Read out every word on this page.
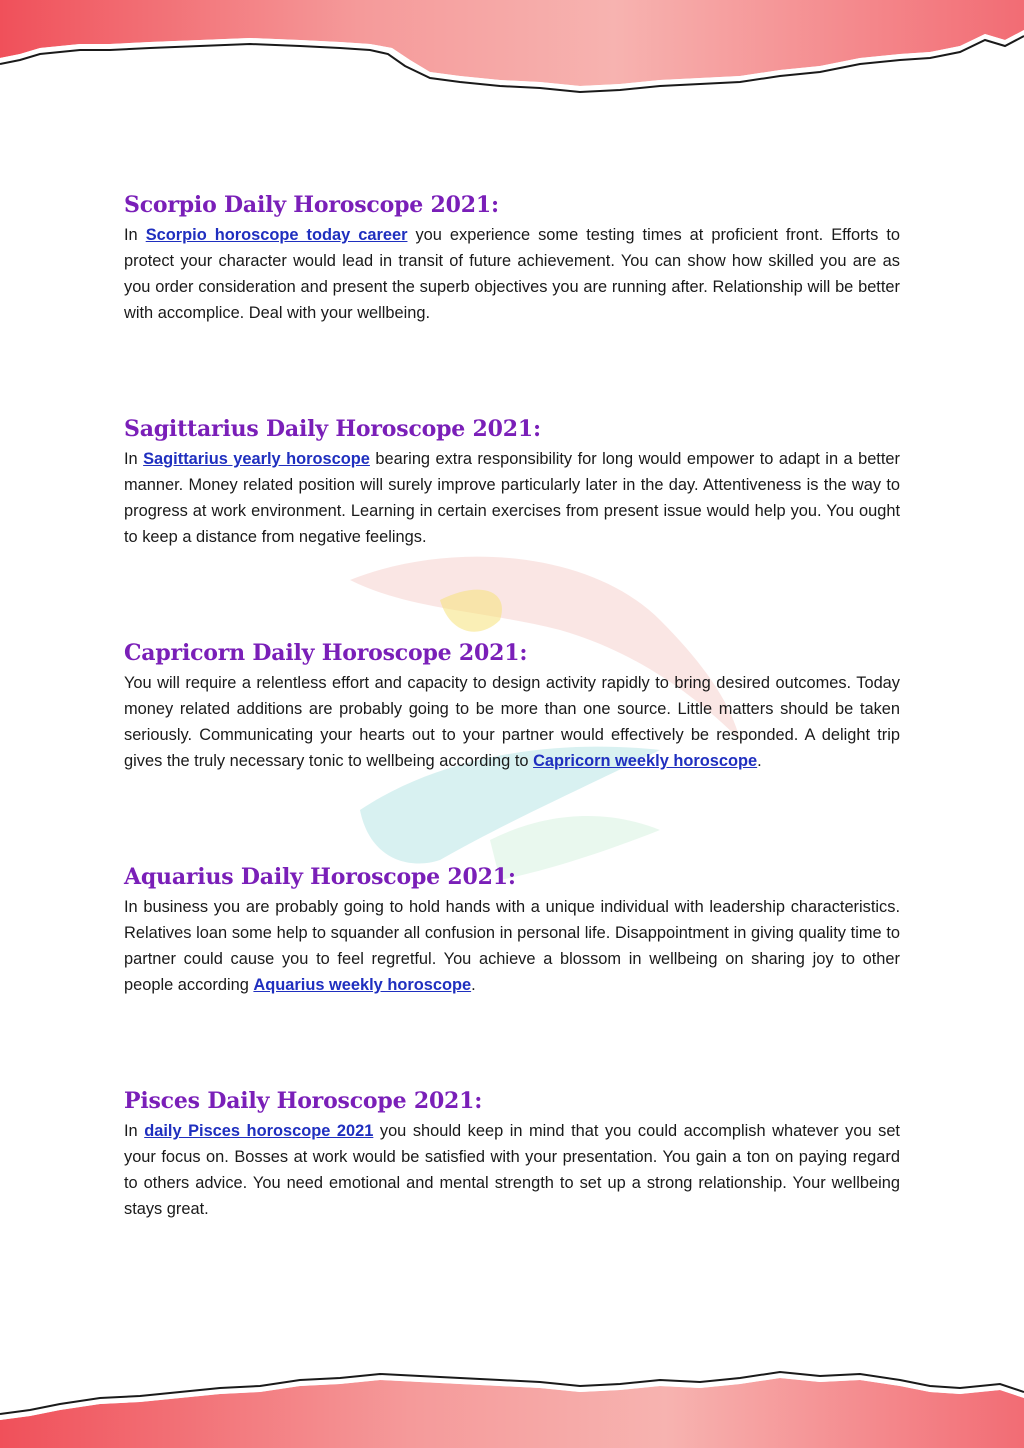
Scorpio Daily Horoscope 2021:

In Scorpio horoscope today career you experience some testing times at proficient front. Efforts to protect your character would lead in transit of future achievement. You can show how skilled you are as you order consideration and present the superb objectives you are running after. Relationship will be better with accomplice. Deal with your wellbeing.

Sagittarius Daily Horoscope 2021:

In Sagittarius yearly horoscope bearing extra responsibility for long would empower to adapt in a better manner. Money related position will surely improve particularly later in the day. Attentiveness is the way to progress at work environment. Learning in certain exercises from present issue would help you. You ought to keep a distance from negative feelings.

Capricorn Daily Horoscope 2021:

You will require a relentless effort and capacity to design activity rapidly to bring desired outcomes. Today money related additions are probably going to be more than one source. Little matters should be taken seriously. Communicating your hearts out to your partner would effectively be responded. A delight trip gives the truly necessary tonic to wellbeing according to Capricorn weekly horoscope.

Aquarius Daily Horoscope 2021:

In business you are probably going to hold hands with a unique individual with leadership characteristics. Relatives loan some help to squander all confusion in personal life. Disappointment in giving quality time to partner could cause you to feel regretful. You achieve a blossom in wellbeing on sharing joy to other people according Aquarius weekly horoscope.

Pisces Daily Horoscope 2021:

In daily Pisces horoscope 2021 you should keep in mind that you could accomplish whatever you set your focus on. Bosses at work would be satisfied with your presentation. You gain a ton on paying regard to others advice. You need emotional and mental strength to set up a strong relationship. Your wellbeing stays great.
